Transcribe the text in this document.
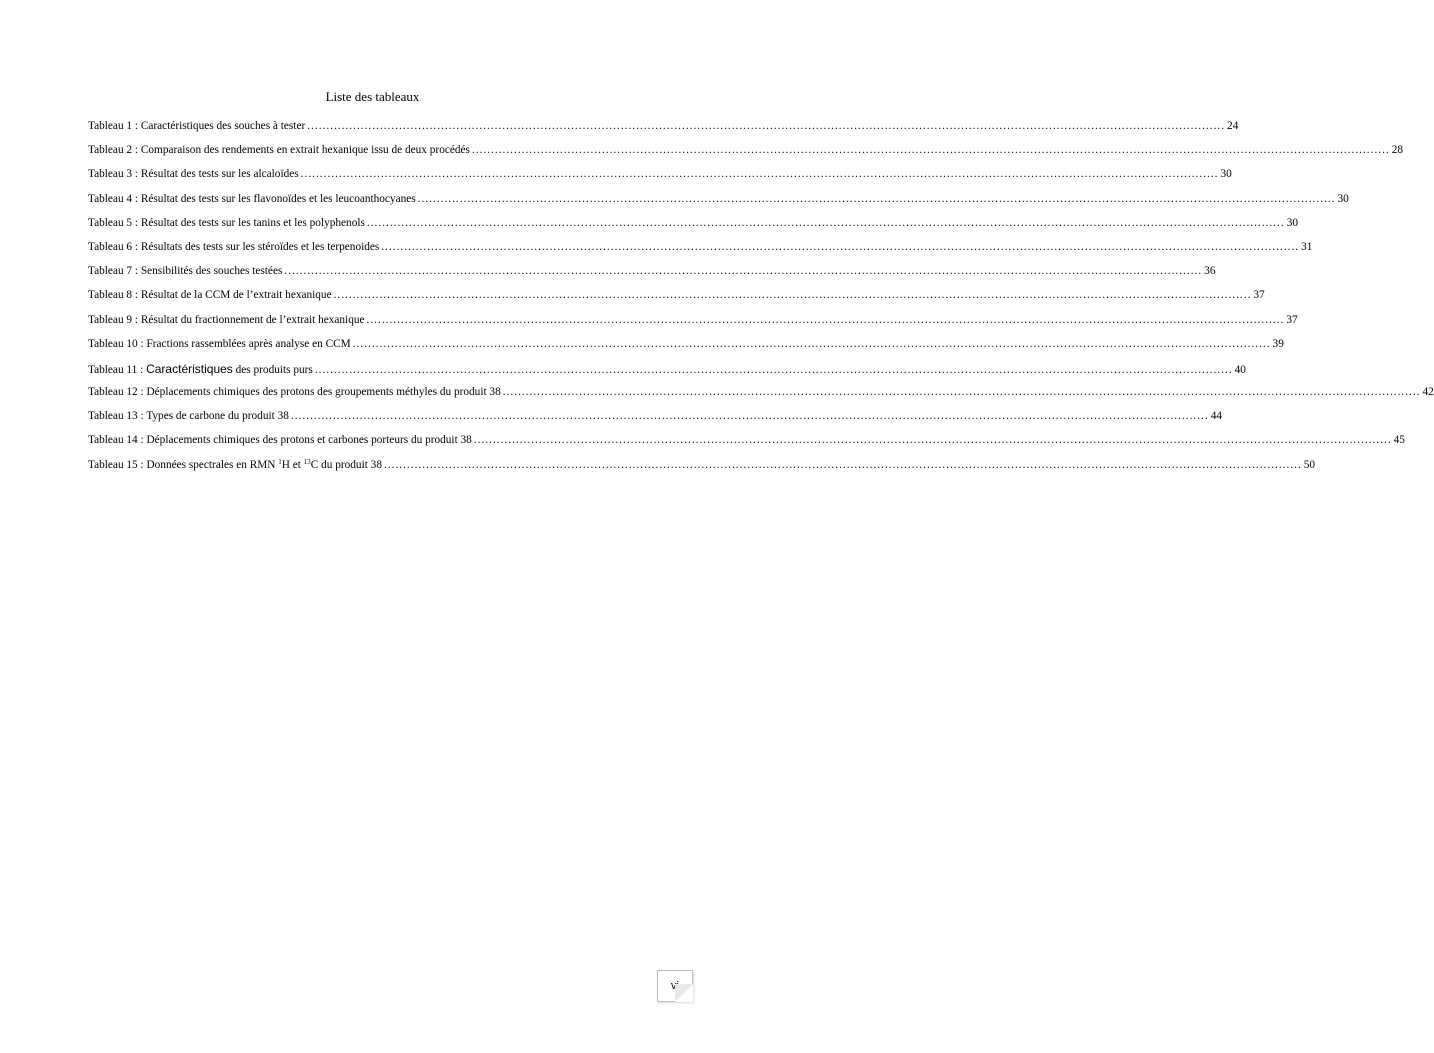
Liste des tableaux
Tableau 1 : Caractéristiques des souches à tester .....	24
Tableau 2 : Comparaison des rendements en extrait hexanique issu de deux procédés .....	28
Tableau 3 : Résultat des tests sur les alcaloïdes .....	30
Tableau 4 : Résultat des tests sur les flavonoïdes et les leucoanthocyanes .....	30
Tableau 5 : Résultat des tests sur les tanins et les polyphenols .....	30
Tableau 6 : Résultats des tests sur les stéroïdes et les terpenoides .....	31
Tableau 7 : Sensibilités des souches testées .....	36
Tableau 8 : Résultat de la CCM de l’extrait hexanique .....	37
Tableau 9 : Résultat du fractionnement de l’extrait hexanique .....	37
Tableau 10 : Fractions rassemblées après analyse en CCM .....	39
Tableau 11 : Caractéristiques des produits purs .....	40
Tableau 12 : Déplacements chimiques des protons des groupements méthyles du produit 38 .....	42
Tableau 13 : Types de carbone du produit 38 .....	44
Tableau 14 : Déplacements chimiques des protons et carbones porteurs du produit 38 .....	45
Tableau 15 : Données spectrales en RMN $^1$H et $^{13}$C du produit 38 .....	50
vi
